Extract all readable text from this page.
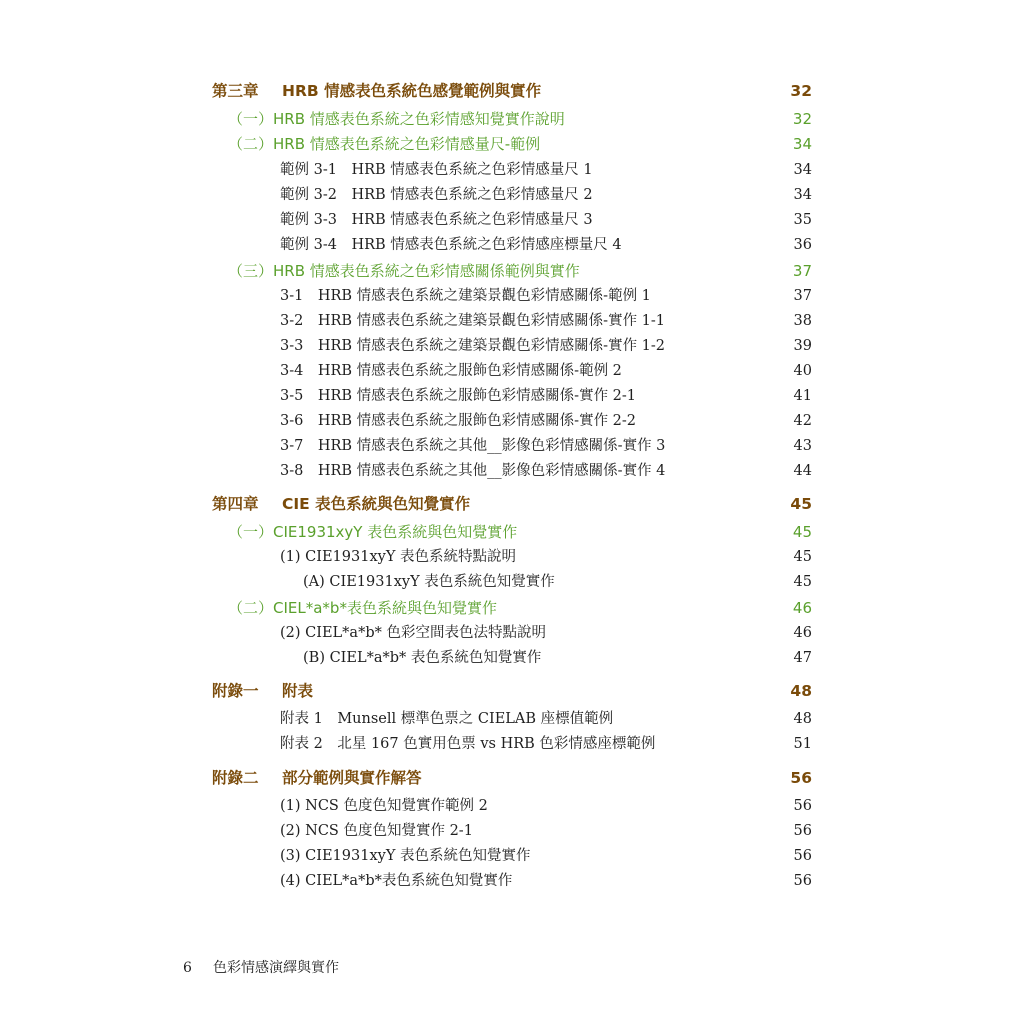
第三章 HRB 情感表色系統色感覺範例與實作	32
（一）HRB 情感表色系統之色彩情感知覺實作說明	32
（二）HRB 情感表色系統之色彩情感量尺-範例	34
範例 3-1　HRB 情感表色系統之色彩情感量尺 1	34
範例 3-2　HRB 情感表色系統之色彩情感量尺 2	34
範例 3-3　HRB 情感表色系統之色彩情感量尺 3	35
範例 3-4　HRB 情感表色系統之色彩情感座標量尺 4	36
（三）HRB 情感表色系統之色彩情感關係範例與實作	37
3-1　HRB 情感表色系統之建築景觀色彩情感關係-範例 1	37
3-2　HRB 情感表色系統之建築景觀色彩情感關係-實作 1-1	38
3-3　HRB 情感表色系統之建築景觀色彩情感關係-實作 1-2	39
3-4　HRB 情感表色系統之服飾色彩情感關係-範例 2	40
3-5　HRB 情感表色系統之服飾色彩情感關係-實作 2-1	41
3-6　HRB 情感表色系統之服飾色彩情感關係-實作 2-2	42
3-7　HRB 情感表色系統之其他__影像色彩情感關係-實作 3	43
3-8　HRB 情感表色系統之其他__影像色彩情感關係-實作 4	44
第四章 CIE 表色系統與色知覺實作	45
（一）CIE1931xyY 表色系統與色知覺實作	45
(1) CIE1931xyY 表色系統特點說明	45
(A) CIE1931xyY 表色系統色知覺實作	45
（二）CIEL*a*b*表色系統與色知覺實作	46
(2) CIEL*a*b* 色彩空間表色法特點說明	46
(B) CIEL*a*b* 表色系統色知覺實作	47
附錄一 附表	48
附表 1　Munsell 標準色票之 CIELAB 座標值範例	48
附表 2　北星 167 色實用色票 vs HRB 色彩情感座標範例	51
附錄二 部分範例與實作解答	56
(1) NCS 色度色知覺實作範例 2	56
(2) NCS 色度色知覺實作 2-1	56
(3) CIE1931xyY 表色系統色知覺實作	56
(4) CIEL*a*b*表色系統色知覺實作	56
6 色彩情感演繹與實作
